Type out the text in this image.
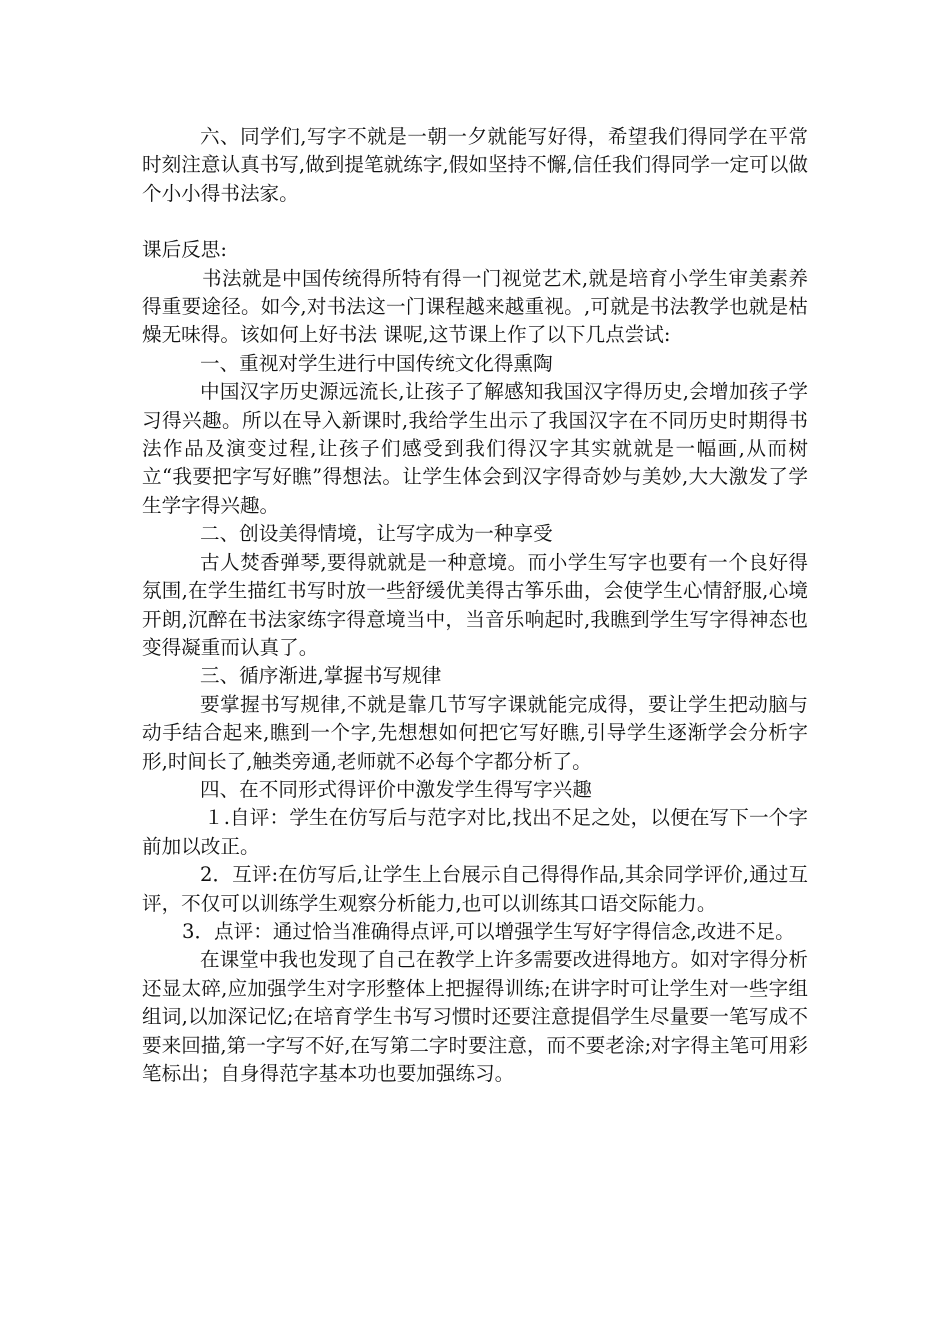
六、同学们,写字不就是一朝一夕就能写好得，希望我们得同学在平常时刻注意认真书写,做到提笔就练字,假如坚持不懈,信任我们得同学一定可以做个小小得书法家。

课后反思:

书法就是中国传统得所特有得一门视觉艺术,就是培育小学生审美素养得重要途径。如今,对书法这一门课程越来越重视。,可就是书法教学也就是枯燥无味得。该如何上好书法 课呢,这节课上作了以下几点尝试:

一、重视对学生进行中国传统文化得熏陶

中国汉字历史源远流长,让孩子了解感知我国汉字得历史,会增加孩子学习得兴趣。所以在导入新课时,我给学生出示了我国汉字在不同历史时期得书法作品及演变过程,让孩子们感受到我们得汉字其实就就是一幅画,从而树立“我要把字写好瞧”得想法。让学生体会到汉字得奇妙与美妙,大大激发了学生学字得兴趣。

二、创设美得情境，让写字成为一种享受

古人焚香弹琴,要得就就是一种意境。而小学生写字也要有一个良好得氛围,在学生描红书写时放一些舒缓优美得古筝乐曲，会使学生心情舒服,心境开朗,沉醉在书法家练字得意境当中，当音乐响起时,我瞧到学生写字得神态也变得凝重而认真了。

三、循序渐进,掌握书写规律

要掌握书写规律,不就是靠几节写字课就能完成得，要让学生把动脑与动手结合起来,瞧到一个字,先想想如何把它写好瞧,引导学生逐渐学会分析字形,时间长了,触类旁通,老师就不必每个字都分析了。

四、在不同形式得评价中激发学生得写字兴趣

１.自评：学生在仿写后与范字对比,找出不足之处，以便在写下一个字前加以改正。

2．互评:在仿写后,让学生上台展示自己得得作品,其余同学评价,通过互评，不仅可以训练学生观察分析能力,也可以训练其口语交际能力。

3．点评：通过恰当准确得点评,可以增强学生写好字得信念,改进不足。

在课堂中我也发现了自己在教学上许多需要改进得地方。如对字得分析还显太碎,应加强学生对字形整体上把握得训练;在讲字时可让学生对一些字组组词,以加深记忆;在培育学生书写习惯时还要注意提倡学生尽量要一笔写成不要来回描,第一字写不好,在写第二字时要注意，而不要老涂;对字得主笔可用彩笔标出；自身得范字基本功也要加强练习。
